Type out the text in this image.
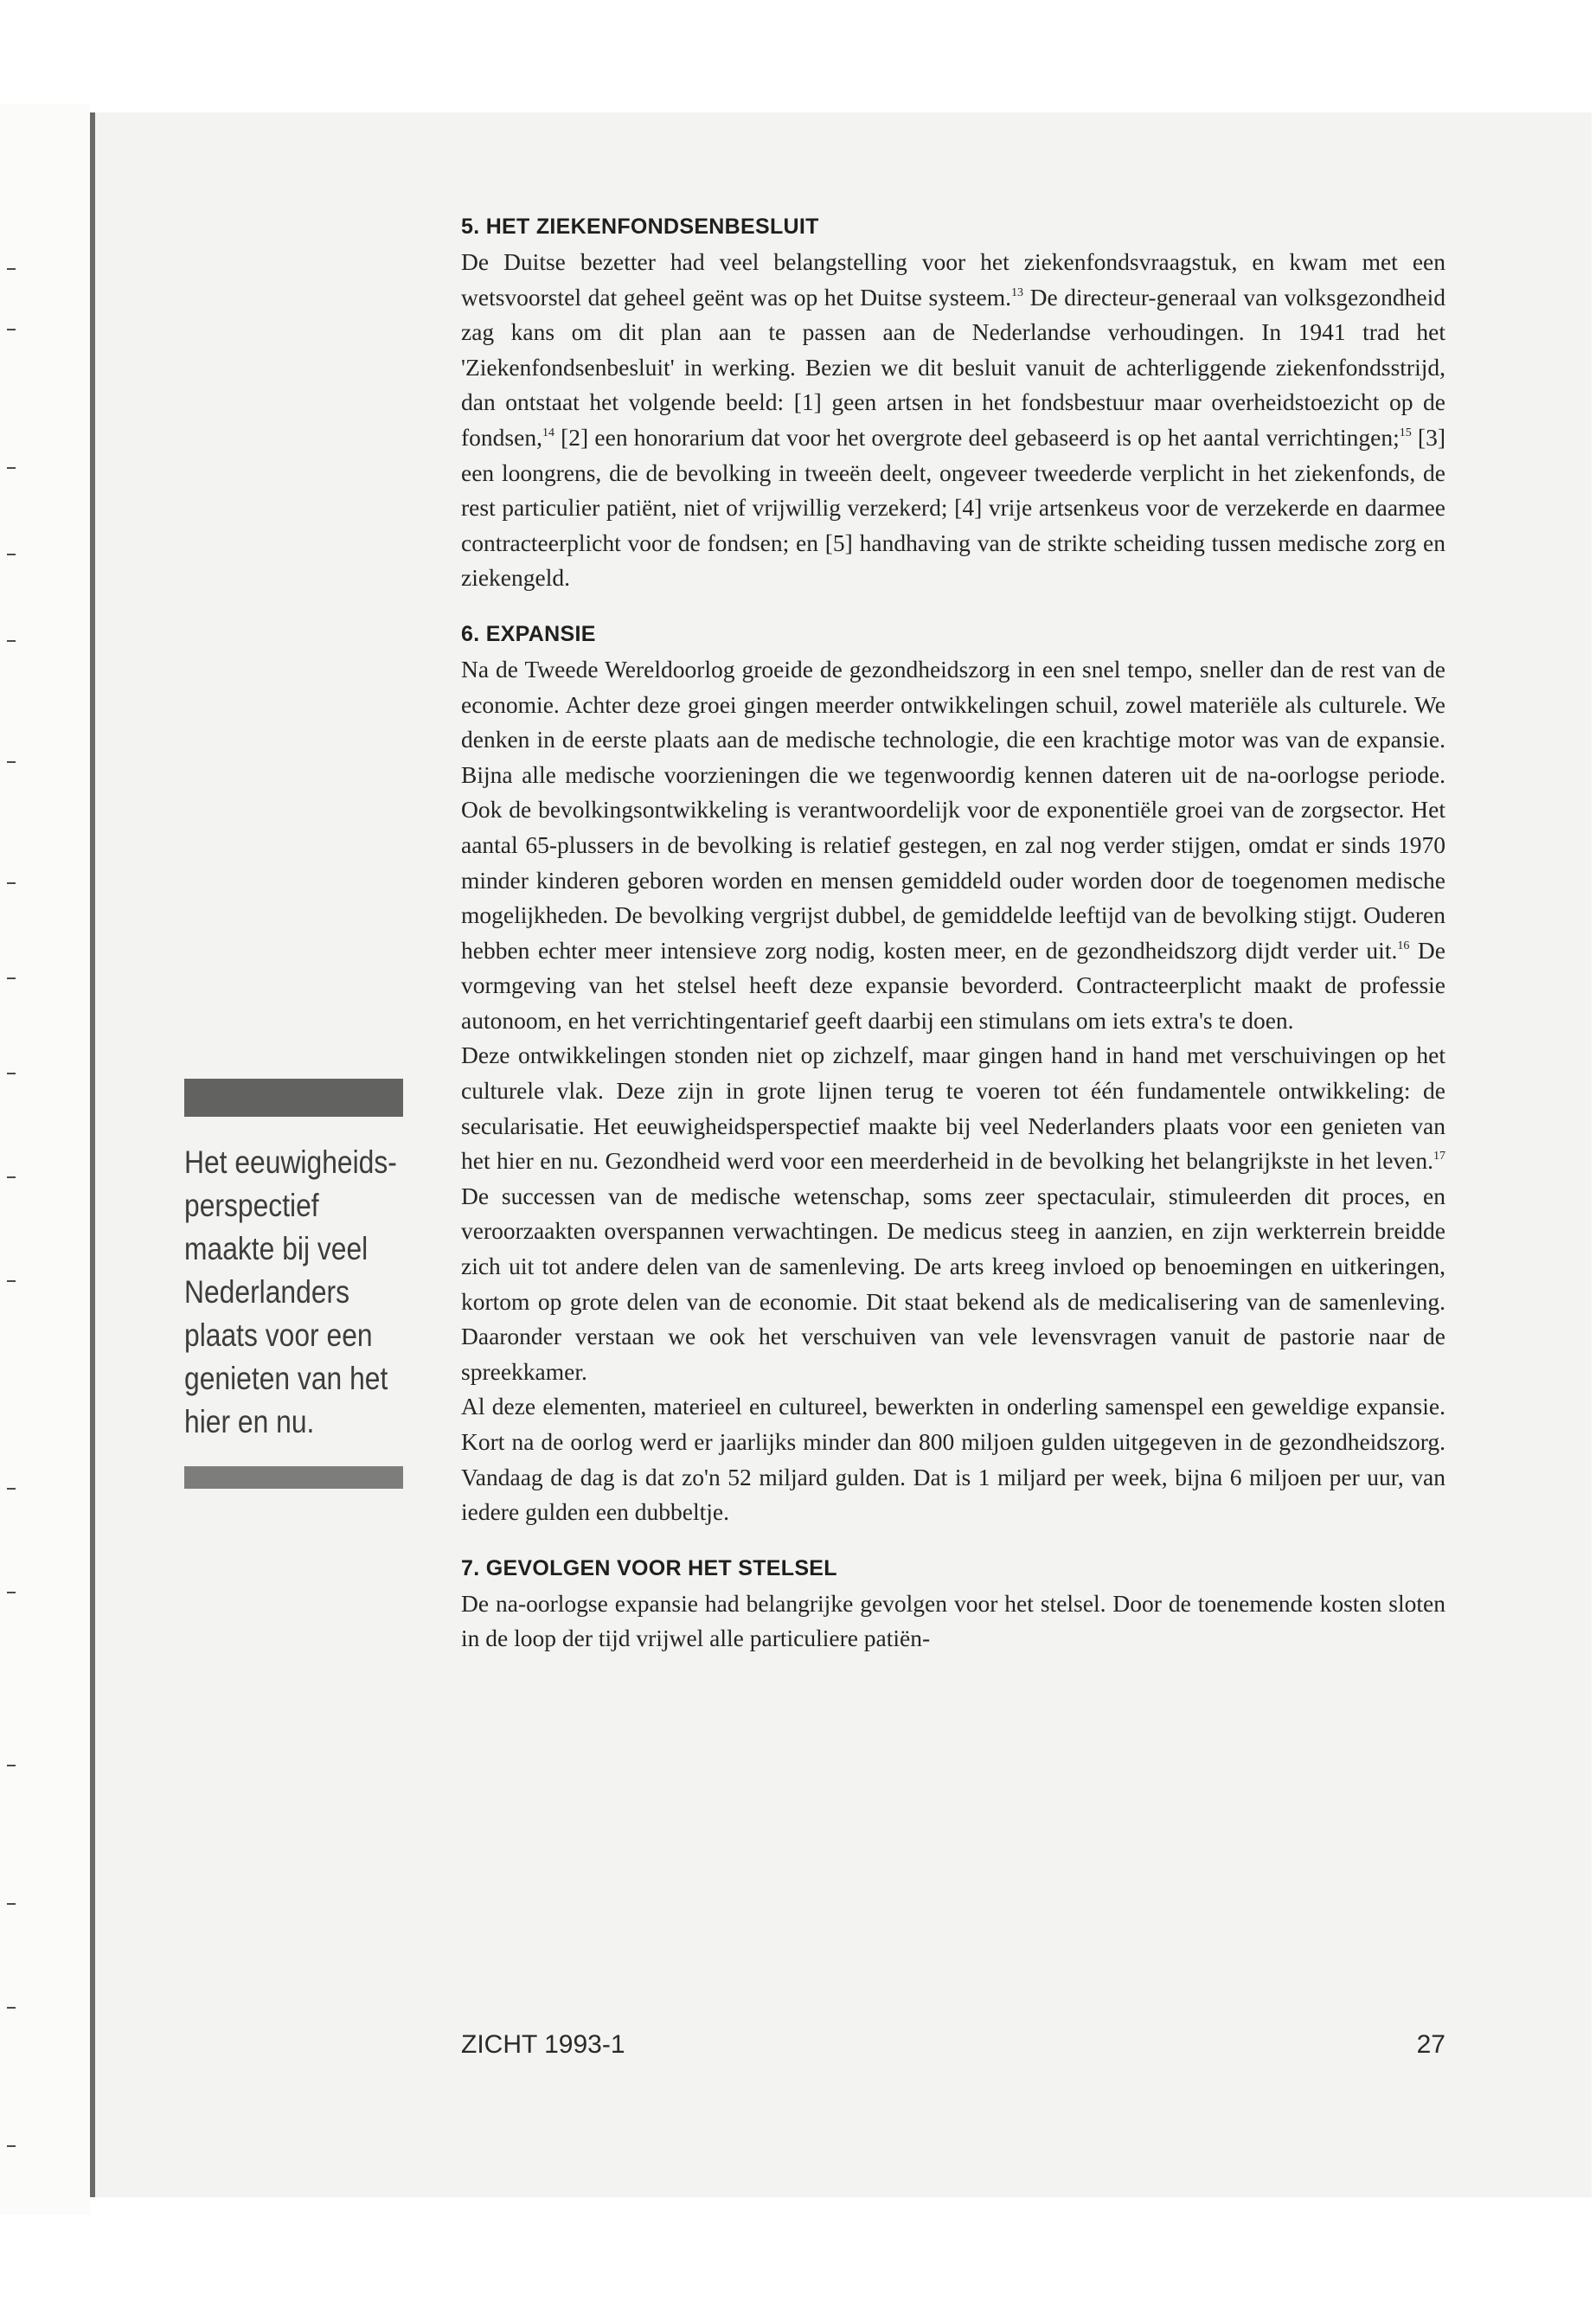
5. HET ZIEKENFONDSENBESLUIT

De Duitse bezetter had veel belangstelling voor het ziekenfondsvraagstuk, en kwam met een wetsvoorstel dat geheel geënt was op het Duitse systeem.$^{13}$ De directeur-generaal van volksgezondheid zag kans om dit plan aan te passen aan de Nederlandse verhoudingen. In 1941 trad het 'Ziekenfondsenbesluit' in werking. Bezien we dit besluit vanuit de achterliggende ziekenfondsstrijd, dan ontstaat het volgende beeld: [1] geen artsen in het fondsbestuur maar overheidstoezicht op de fondsen,$^{14}$ [2] een honorarium dat voor het overgrote deel gebaseerd is op het aantal verrichtingen;$^{15}$ [3] een loongrens, die de bevolking in tweeën deelt, ongeveer tweederde verplicht in het ziekenfonds, de rest particulier patiënt, niet of vrijwillig verzekerd; [4] vrije artsenkeus voor de verzekerde en daarmee contracteerplicht voor de fondsen; en [5] handhaving van de strikte scheiding tussen medische zorg en ziekengeld.

6. EXPANSIE

Na de Tweede Wereldoorlog groeide de gezondheidszorg in een snel tempo, sneller dan de rest van de economie. Achter deze groei gingen meerder ontwikkelingen schuil, zowel materiële als culturele. We denken in de eerste plaats aan de medische technologie, die een krachtige motor was van de expansie. Bijna alle medische voorzieningen die we tegenwoordig kennen dateren uit de na-oorlogse periode. Ook de bevolkingsontwikkeling is verantwoordelijk voor de exponentiële groei van de zorgsector. Het aantal 65-plussers in de bevolking is relatief gestegen, en zal nog verder stijgen, omdat er sinds 1970 minder kinderen geboren worden en mensen gemiddeld ouder worden door de toegenomen medische mogelijkheden. De bevolking vergrijst dubbel, de gemiddelde leeftijd van de bevolking stijgt. Ouderen hebben echter meer intensieve zorg nodig, kosten meer, en de gezondheidszorg dijdt verder uit.$^{16}$ De vormgeving van het stelsel heeft deze expansie bevorderd. Contracteerplicht maakt de professie autonoom, en het verrichtingentarief geeft daarbij een stimulans om iets extra's te doen.

Deze ontwikkelingen stonden niet op zichzelf, maar gingen hand in hand met verschuivingen op het culturele vlak. Deze zijn in grote lijnen terug te voeren tot één fundamentele ontwikkeling: de secularisatie. Het eeuwigheidsperspectief maakte bij veel Nederlanders plaats voor een genieten van het hier en nu. Gezondheid werd voor een meerderheid in de bevolking het belangrijkste in het leven.$^{17}$ De successen van de medische wetenschap, soms zeer spectaculair, stimuleerden dit proces, en veroorzaakten overspannen verwachtingen. De medicus steeg in aanzien, en zijn werkterrein breidde zich uit tot andere delen van de samenleving. De arts kreeg invloed op benoemingen en uitkeringen, kortom op grote delen van de economie. Dit staat bekend als de medicalisering van de samenleving. Daaronder verstaan we ook het verschuiven van vele levensvragen vanuit de pastorie naar de spreekkamer.

Al deze elementen, materieel en cultureel, bewerkten in onderling samenspel een geweldige expansie. Kort na de oorlog werd er jaarlijks minder dan 800 miljoen gulden uitgegeven in de gezondheidszorg. Vandaag de dag is dat zo'n 52 miljard gulden. Dat is 1 miljard per week, bijna 6 miljoen per uur, van iedere gulden een dubbeltje.

7. GEVOLGEN VOOR HET STELSEL

De na-oorlogse expansie had belangrijke gevolgen voor het stelsel. Door de toenemende kosten sloten in de loop der tijd vrijwel alle particuliere patiën-

Het eeuwigheids-perspectief maakte bij veel Nederlanders plaats voor een genieten van het hier en nu.
ZICHT 1993-1	27
